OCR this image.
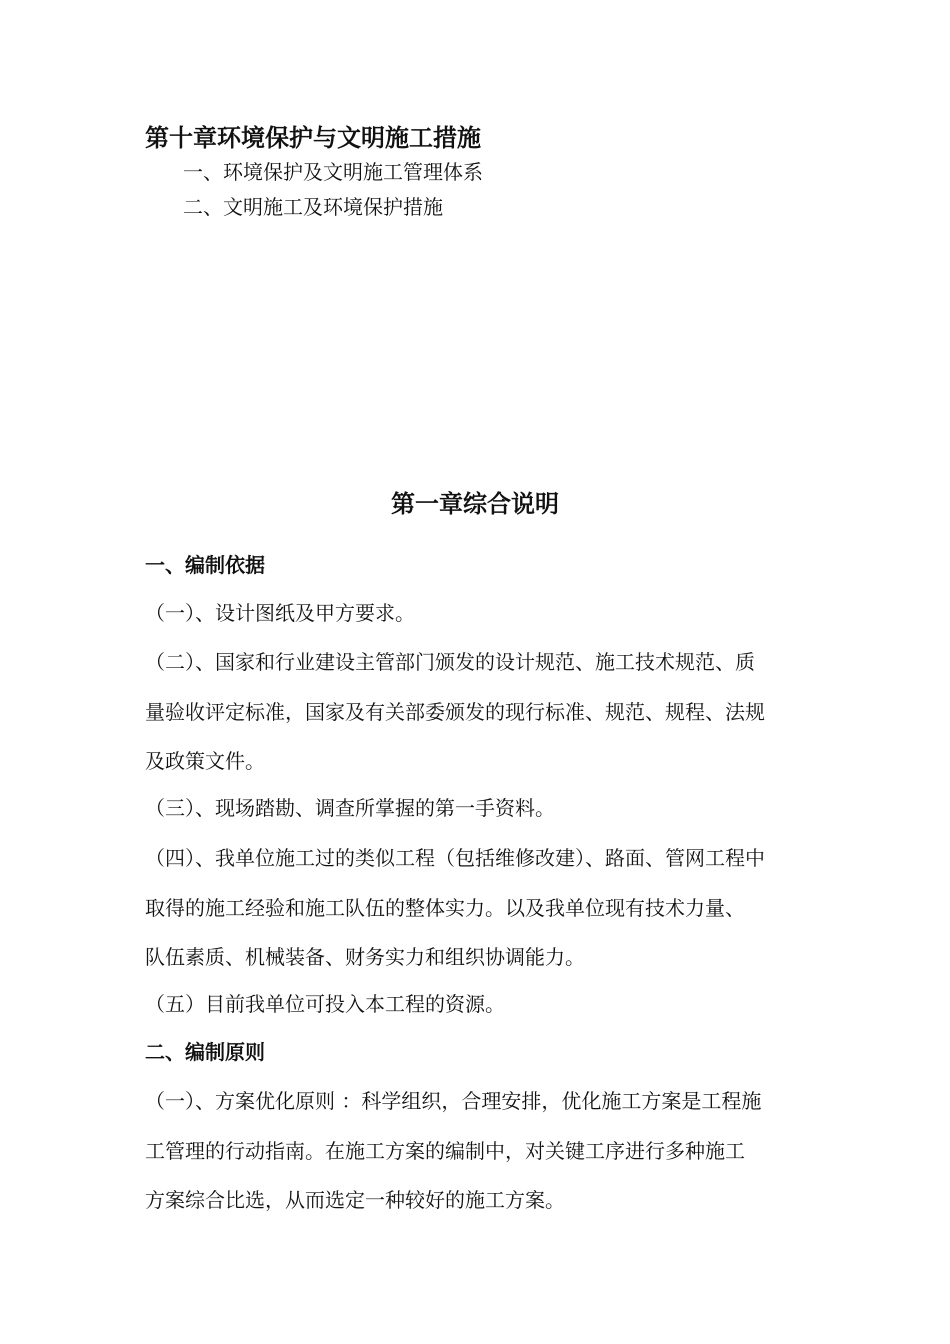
第十章环境保护与文明施工措施
一、环境保护及文明施工管理体系
二、文明施工及环境保护措施
第一章综合说明
一、编制依据
（一）、设计图纸及甲方要求。
（二）、国家和行业建设主管部门颁发的设计规范、施工技术规范、质
量验收评定标准，国家及有关部委颁发的现行标准、规范、规程、法规
及政策文件。
（三）、现场踏勘、调查所掌握的第一手资料。
（四）、我单位施工过的类似工程（包括维修改建）、路面、管网工程中
取得的施工经验和施工队伍的整体实力。以及我单位现有技术力量、
队伍素质、机械装备、财务实力和组织协调能力。
（五）目前我单位可投入本工程的资源。
二、编制原则
（一）、方案优化原则 ：科学组织，合理安排，优化施工方案是工程施
工管理的行动指南。在施工方案的编制中，对关键工序进行多种施工
方案综合比选，从而选定一种较好的施工方案。
